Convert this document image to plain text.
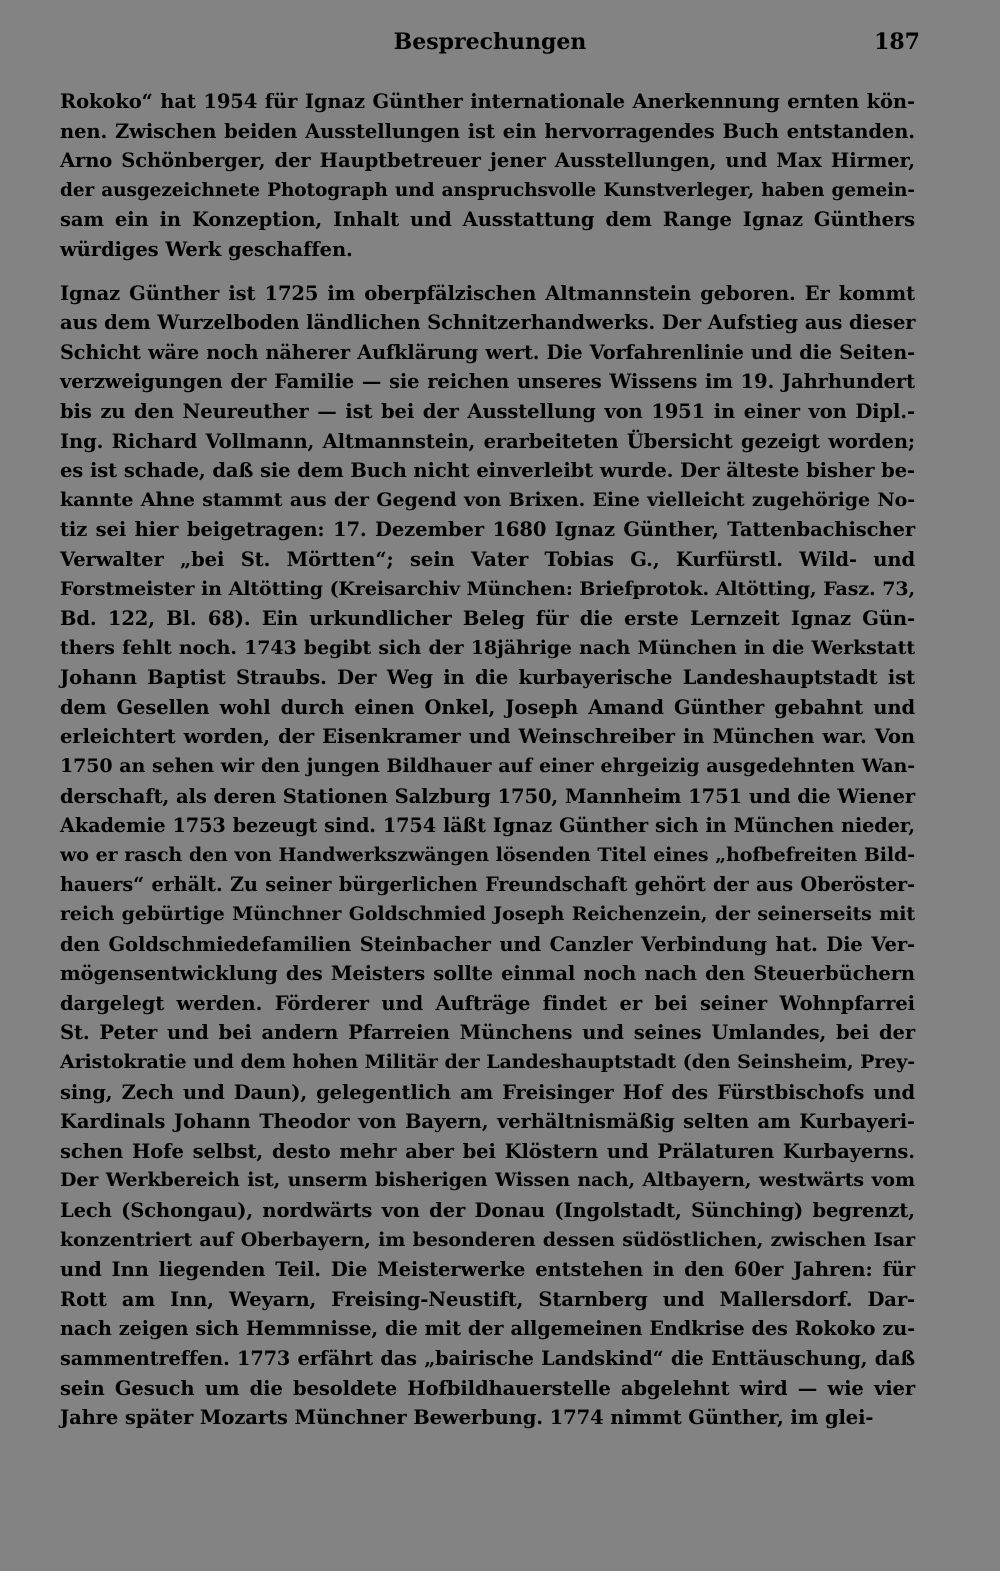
Besprechungen	187
Rokoko“ hat 1954 für Ignaz Günther internationale Anerkennung ernten kön-
nen. Zwischen beiden Ausstellungen ist ein hervorragendes Buch entstanden.
Arno Schönberger, der Hauptbetreuer jener Ausstellungen, und Max Hirmer,
der ausgezeichnete Photograph und anspruchsvolle Kunstverleger, haben gemein-
sam ein in Konzeption, Inhalt und Ausstattung dem Range Ignaz Günthers
würdiges Werk geschaffen.
Ignaz Günther ist 1725 im oberpfälzischen Altmannstein geboren. Er kommt
aus dem Wurzelboden ländlichen Schnitzerhandwerks. Der Aufstieg aus dieser
Schicht wäre noch näherer Aufklärung wert. Die Vorfahrenlinie und die Seiten-
verzweigungen der Familie — sie reichen unseres Wissens im 19. Jahrhundert
bis zu den Neureuther — ist bei der Ausstellung von 1951 in einer von Dipl.-
Ing. Richard Vollmann, Altmannstein, erarbeiteten Übersicht gezeigt worden;
es ist schade, daß sie dem Buch nicht einverleibt wurde. Der älteste bisher be-
kannte Ahne stammt aus der Gegend von Brixen. Eine vielleicht zugehörige No-
tiz sei hier beigetragen: 17. Dezember 1680 Ignaz Günther, Tattenbachischer
Verwalter „bei St. Mörtten“; sein Vater Tobias G., Kurfürstl. Wild- und
Forstmeister in Altötting (Kreisarchiv München: Briefprotok. Altötting, Fasz. 73,
Bd. 122, Bl. 68). Ein urkundlicher Beleg für die erste Lernzeit Ignaz Gün-
thers fehlt noch. 1743 begibt sich der 18jährige nach München in die Werkstatt
Johann Baptist Straubs. Der Weg in die kurbayerische Landeshauptstadt ist
dem Gesellen wohl durch einen Onkel, Joseph Amand Günther gebahnt und
erleichtert worden, der Eisenkramer und Weinschreiber in München war. Von
1750 an sehen wir den jungen Bildhauer auf einer ehrgeizig ausgedehnten Wan-
derschaft, als deren Stationen Salzburg 1750, Mannheim 1751 und die Wiener
Akademie 1753 bezeugt sind. 1754 läßt Ignaz Günther sich in München nieder,
wo er rasch den von Handwerkszwängen lösenden Titel eines „hofbefreiten Bild-
hauers“ erhält. Zu seiner bürgerlichen Freundschaft gehört der aus Oberöster-
reich gebürtige Münchner Goldschmied Joseph Reichenzein, der seinerseits mit
den Goldschmiedefamilien Steinbacher und Canzler Verbindung hat. Die Ver-
mögensentwicklung des Meisters sollte einmal noch nach den Steuerbüchern
dargelegt werden. Förderer und Aufträge findet er bei seiner Wohnpfarrei
St. Peter und bei andern Pfarreien Münchens und seines Umlandes, bei der
Aristokratie und dem hohen Militär der Landeshauptstadt (den Seinsheim, Prey-
sing, Zech und Daun), gelegentlich am Freisinger Hof des Fürstbischofs und
Kardinals Johann Theodor von Bayern, verhältnismäßig selten am Kurbayeri-
schen Hofe selbst, desto mehr aber bei Klöstern und Prälaturen Kurbayerns.
Der Werkbereich ist, unserm bisherigen Wissen nach, Altbayern, westwärts vom
Lech (Schongau), nordwärts von der Donau (Ingolstadt, Sünching) begrenzt,
konzentriert auf Oberbayern, im besonderen dessen südöstlichen, zwischen Isar
und Inn liegenden Teil. Die Meisterwerke entstehen in den 60er Jahren: für
Rott am Inn, Weyarn, Freising-Neustift, Starnberg und Mallersdorf. Dar-
nach zeigen sich Hemmnisse, die mit der allgemeinen Endkrise des Rokoko zu-
sammentreffen. 1773 erfährt das „bairische Landskind“ die Enttäuschung, daß
sein Gesuch um die besoldete Hofbildhauerstelle abgelehnt wird — wie vier
Jahre später Mozarts Münchner Bewerbung. 1774 nimmt Günther, im glei-
